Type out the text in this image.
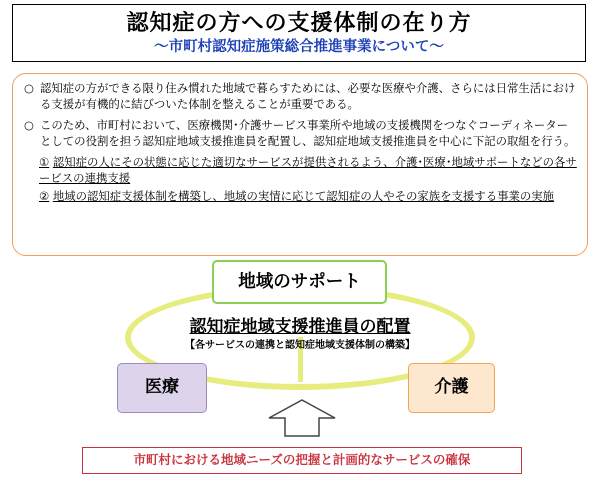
認知症の方への支援体制の在り方
～市町村認知症施策総合推進事業について～

○ 認知症の方ができる限り住み慣れた地域で暮らすためには、必要な医療や介護、さらには日常生活における支援が有機的に結びついた体制を整えることが重要である。

○ このため、市町村において、医療機関･介護サービス事業所や地域の支援機関をつなぐコーディネーターとしての役割を担う認知症地域支援推進員を配置し、認知症地域支援推進員を中心に下記の取組を行う。

① 認知症の人にその状態に応じた適切なサービスが提供されるよう、介護･医療･地域サポートなどの各サービスの連携支援
② 地域の認知症支援体制を構築し、地域の実情に応じて認知症の人やその家族を支援する事業の実施
地域のサポート
認知症地域支援推進員の配置
【各サービスの連携と認知症地域支援体制の構築】
医療	介護
市町村における地域ニーズの把握と計画的なサービスの確保
